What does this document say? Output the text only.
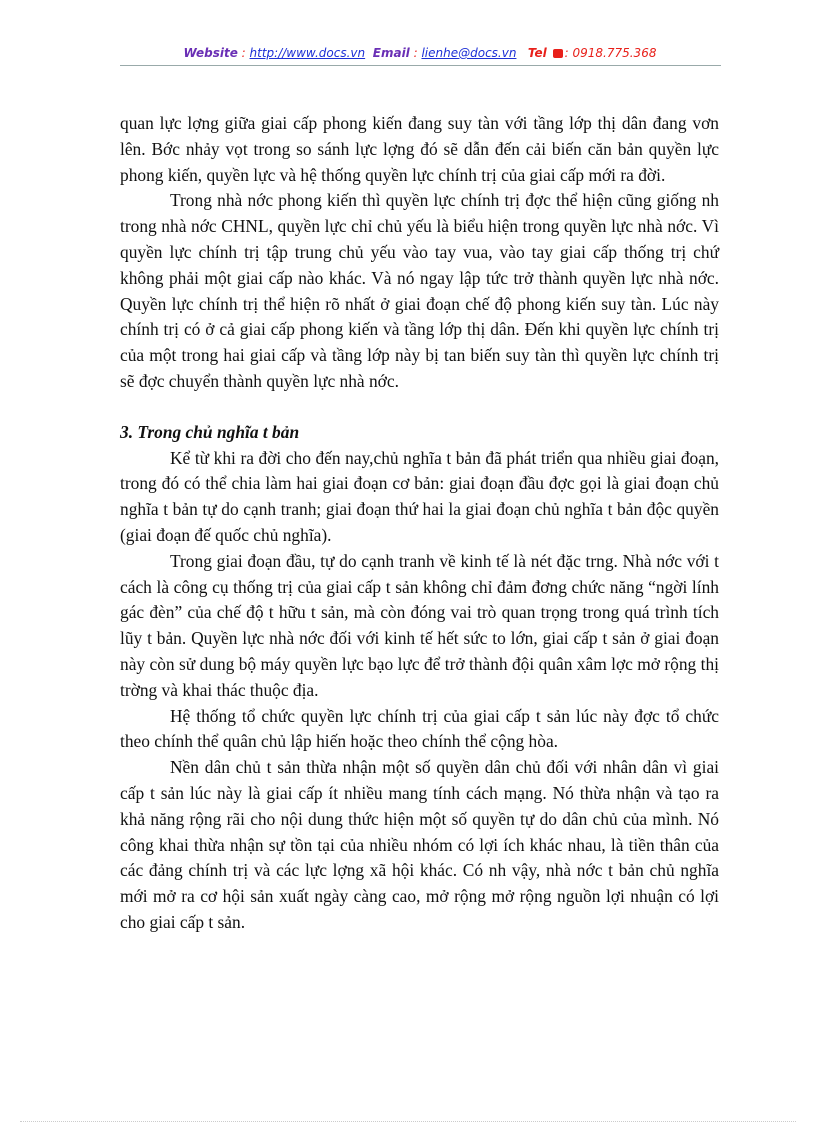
Website : http://www.docs.vn Email : lienhe@docs.vn Tel : 0918.775.368

quan lực lợng giữa giai cấp phong kiến đang suy tàn với tầng lớp thị dân đang vơn lên. Bớc nhảy vọt trong so sánh lực lợng đó sẽ dẫn đến cải biến căn bản quyền lực phong kiến, quyền lực và hệ thống quyền lực chính trị của giai cấp mới ra đời.

Trong nhà nớc phong kiến thì quyền lực chính trị đợc thể hiện cũng giống nh trong nhà nớc CHNL, quyền lực chỉ chủ yếu là biểu hiện trong quyền lực nhà nớc. Vì quyền lực chính trị tập trung chủ yếu vào tay vua, vào tay giai cấp thống trị chứ không phải một giai cấp nào khác. Và nó ngay lập tức trở thành quyền lực nhà nớc. Quyền lực chính trị thể hiện rõ nhất ở giai đoạn chế độ phong kiến suy tàn. Lúc này chính trị có ở cả giai cấp phong kiến và tầng lớp thị dân. Đến khi quyền lực chính trị của một trong hai giai cấp và tầng lớp này bị tan biến suy tàn thì quyền lực chính trị sẽ đợc chuyển thành quyền lực nhà nớc.

3. Trong chủ nghĩa t bản

Kể từ khi ra đời cho đến nay,chủ nghĩa t bản đã phát triển qua nhiều giai đoạn, trong đó có thể chia làm hai giai đoạn cơ bản: giai đoạn đầu đợc gọi là giai đoạn chủ nghĩa t bản tự do cạnh tranh; giai đoạn thứ hai la giai đoạn chủ nghĩa t bản độc quyền (giai đoạn đế quốc chủ nghĩa).

Trong giai đoạn đầu, tự do cạnh tranh về kinh tế là nét đặc trng. Nhà nớc với t cách là công cụ thống trị của giai cấp t sản không chỉ đảm đơng chức năng “ngời lính gác đèn” của chế độ t hữu t sản, mà còn đóng vai trò quan trọng trong quá trình tích lũy t bản. Quyền lực nhà nớc đối với kinh tế hết sức to lớn, giai cấp t sản ở giai đoạn này còn sử dung bộ máy quyền lực bạo lực để trở thành đội quân xâm lợc mở rộng thị trờng và khai thác thuộc địa.

Hệ thống tổ chức quyền lực chính trị của giai cấp t sản lúc này đợc tổ chức theo chính thể quân chủ lập hiến hoặc theo chính thể cộng hòa.

Nền dân chủ t sản thừa nhận một số quyền dân chủ đối với nhân dân vì giai cấp t sản lúc này là giai cấp ít nhiều mang tính cách mạng. Nó thừa nhận và tạo ra khả năng rộng rãi cho nội dung thức hiện một số quyền tự do dân chủ của mình. Nó công khai thừa nhận sự tồn tại của nhiều nhóm có lợi ích khác nhau, là tiền thân của các đảng chính trị và các lực lợng xã hội khác. Có nh vậy, nhà nớc t bản chủ nghĩa mới mở ra cơ hội sản xuất ngày càng cao, mở rộng mở rộng nguồn lợi nhuận có lợi cho giai cấp t sản.
